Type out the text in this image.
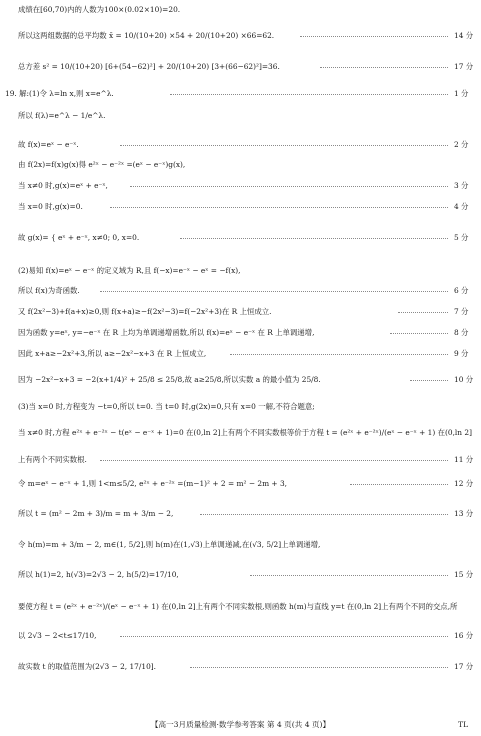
成绩在[60,70)内的人数为100×(0.02×10)=20.
所以这两组数据的总平均数 x̄ = 10/(10+20) ×54 + 20/(10+20) ×66=62.	14 分
总方差 s² = 10/(10+20) [6+(54−62)²] + 20/(10+20) [3+(66−62)²]=36.	17 分
19. 解:(1)令 λ=ln x,则 x=e^λ.	1 分
所以 f(λ)=e^λ − 1/e^λ.
故 f(x)=eˣ − e⁻ˣ.	2 分
由 f(2x)=f(x)g(x)得 e²ˣ − e⁻²ˣ =(eˣ − e⁻ˣ)g(x),
当 x≠0 时,g(x)=eˣ + e⁻ˣ,	3 分
当 x=0 时,g(x)=0.	4 分
故 g(x)= { eˣ + e⁻ˣ, x≠0; 0, x=0.	5 分
(2)易知 f(x)=eˣ − e⁻ˣ 的定义域为 R,且 f(−x)=e⁻ˣ − eˣ = −f(x),
所以 f(x)为奇函数.	6 分
又 f(2x²−3)+f(a+x)≥0,则 f(x+a)≥−f(2x²−3)=f(−2x²+3)在 R 上恒成立.	7 分
因为函数 y=eˣ, y=−e⁻ˣ 在 R 上均为单调递增函数,所以 f(x)=eˣ − e⁻ˣ 在 R 上单调递增,	8 分
因此 x+a≥−2x²+3,所以 a≥−2x²−x+3 在 R 上恒成立,	9 分
因为 −2x²−x+3 = −2(x+1/4)² + 25/8 ≤ 25/8,故 a≥25/8,所以实数 a 的最小值为 25/8.	10 分
(3)当 x=0 时,方程变为 −t=0,所以 t=0. 当 t=0 时,g(2x)=0,只有 x=0 一解,不符合题意;
当 x≠0 时,方程 e²ˣ + e⁻²ˣ − t(eˣ − e⁻ˣ + 1)=0 在(0,ln 2]上有两个不同实数根等价于方程 t = (e²ˣ + e⁻²ˣ)/(eˣ − e⁻ˣ + 1) 在(0,ln 2]
上有两个不同实数根.	11 分
令 m=eˣ − e⁻ˣ + 1,则 1<m≤5/2, e²ˣ + e⁻²ˣ =(m−1)² + 2 = m² − 2m + 3,	12 分
所以 t = (m² − 2m + 3)/m = m + 3/m − 2,	13 分
令 h(m)=m + 3/m − 2, m∈(1, 5/2],则 h(m)在(1,√3)上单调递减,在(√3, 5/2]上单调递增,
所以 h(1)=2, h(√3)=2√3 − 2, h(5/2)=17/10,	15 分
要使方程 t = (e²ˣ + e⁻²ˣ)/(eˣ − e⁻ˣ + 1) 在(0,ln 2]上有两个不同实数根,则函数 h(m)与直线 y=t 在(0,ln 2]上有两个不同的交点,所
以 2√3 − 2<t≤17/10,	16 分
故实数 t 的取值范围为(2√3 − 2, 17/10].	17 分
【高一3月质量检测·数学参考答案 第 4 页(共 4 页)】	TL
